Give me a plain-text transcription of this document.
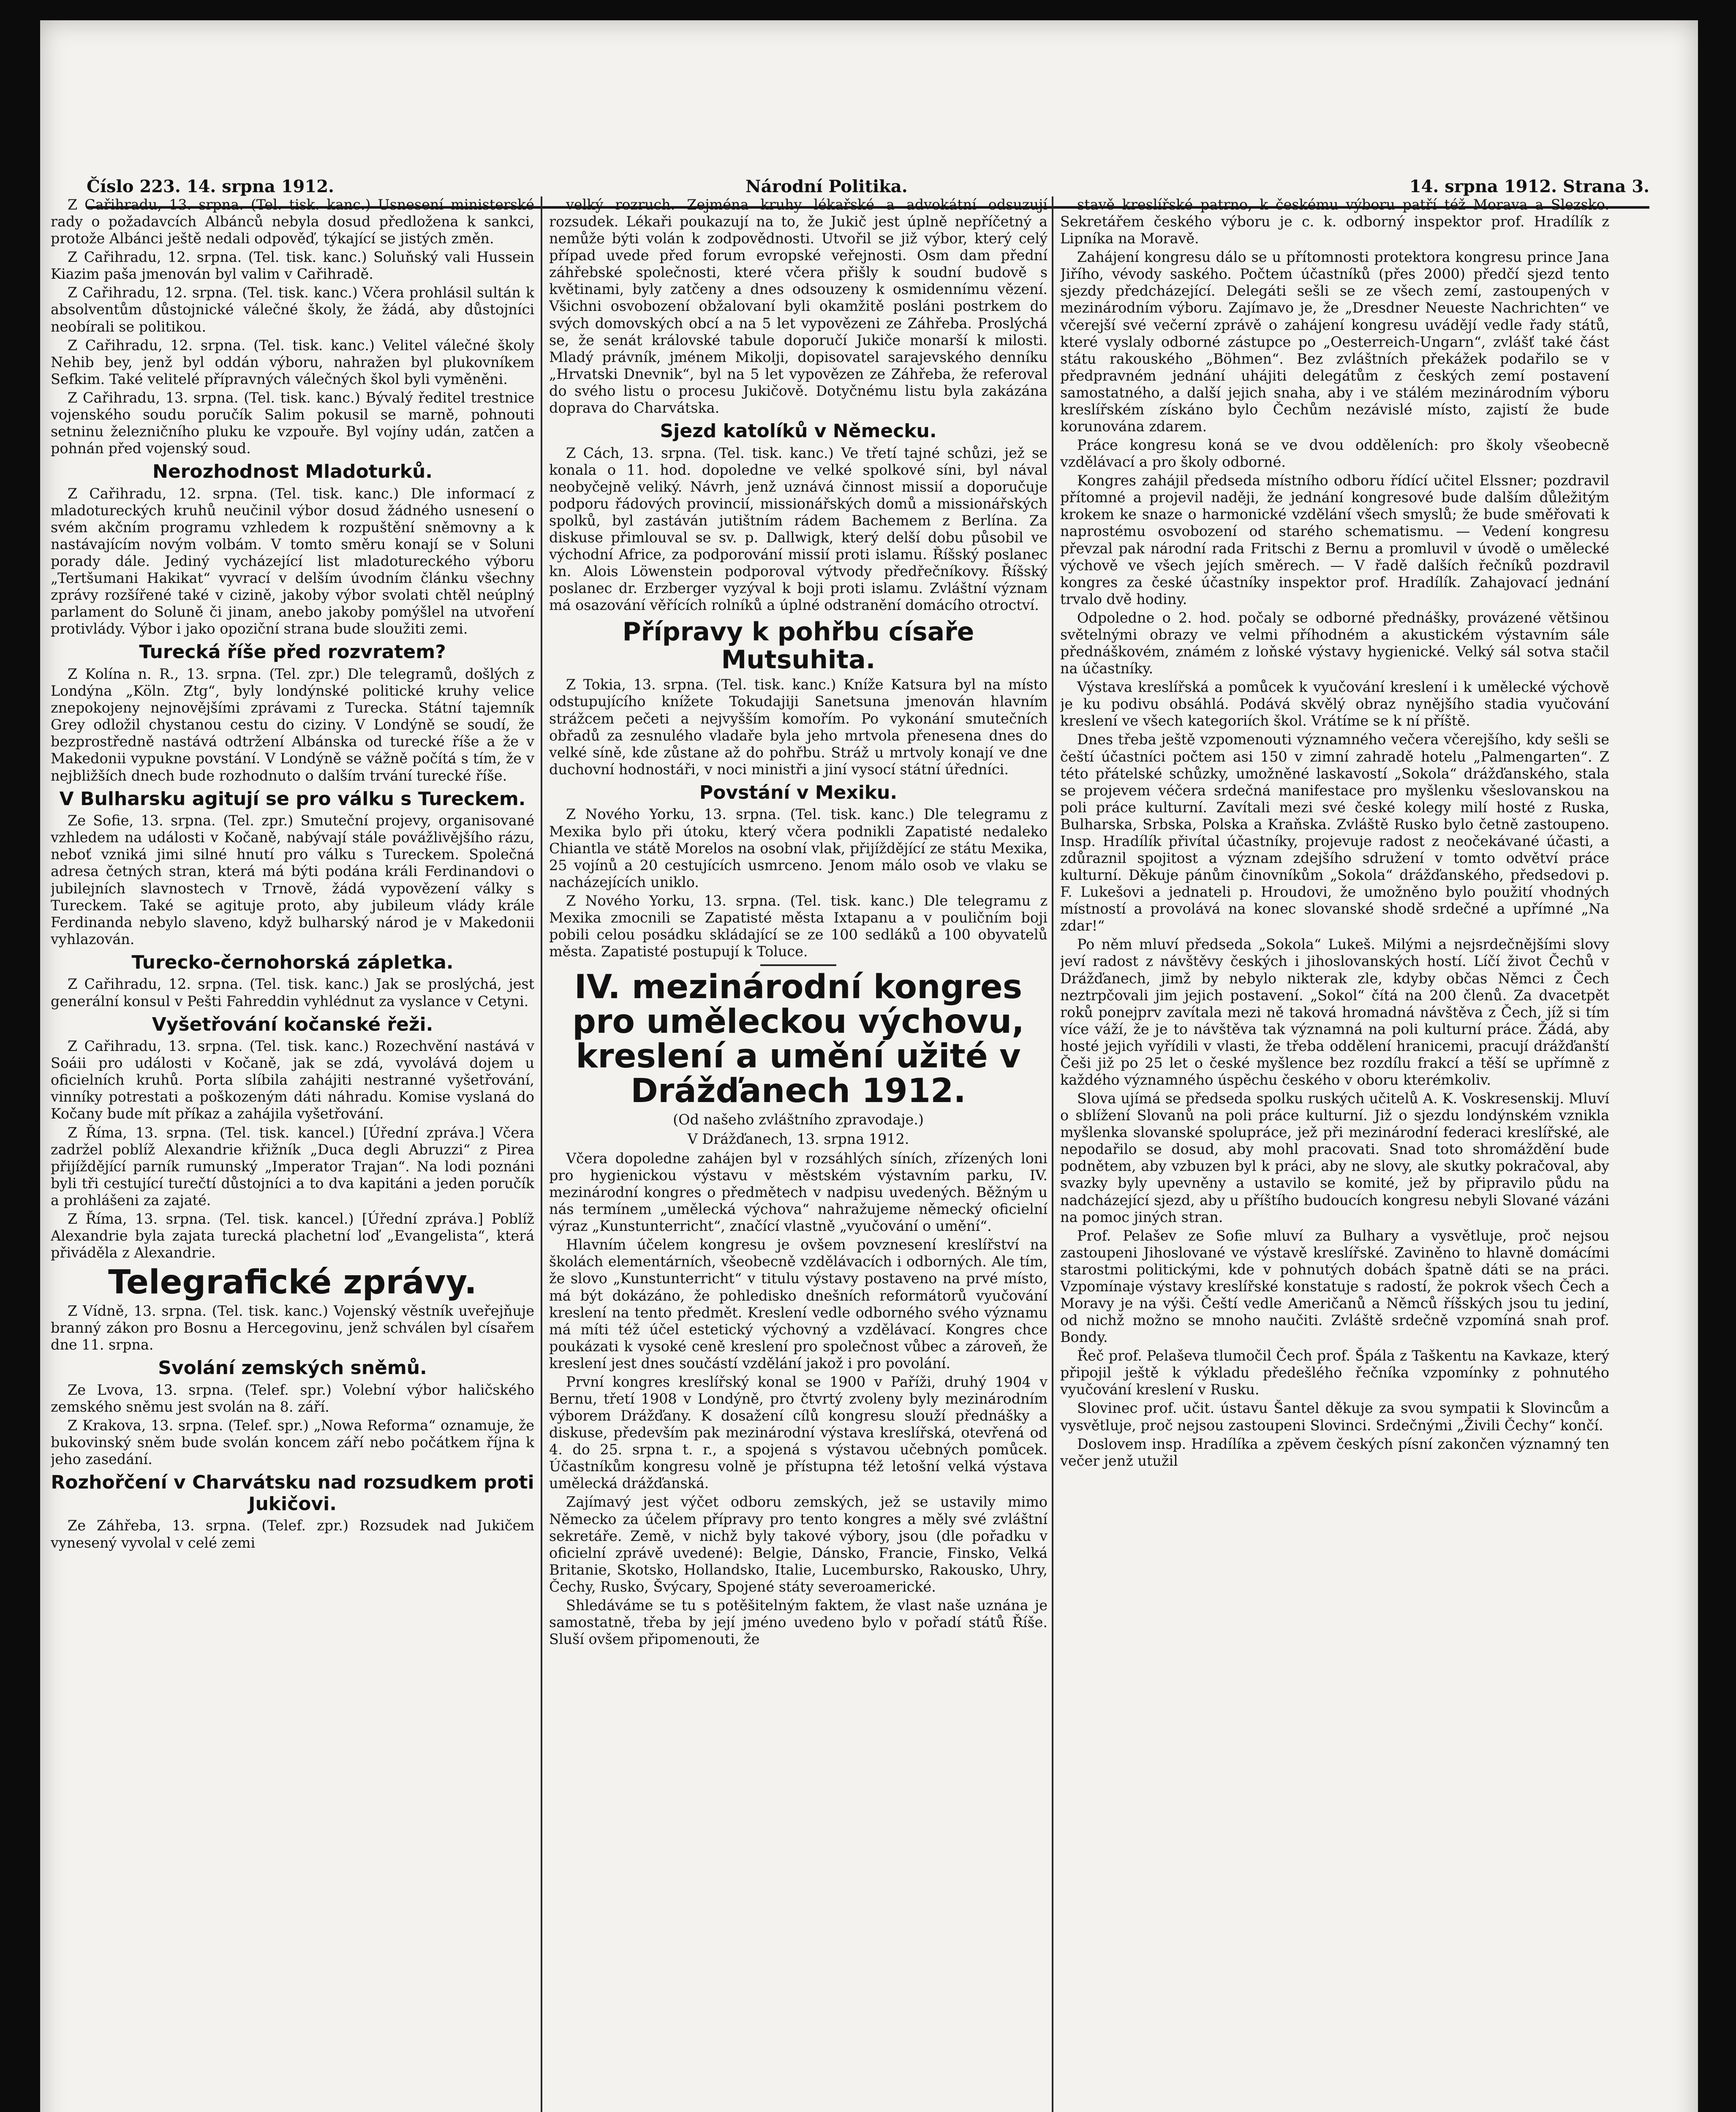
Číslo 223. 14. srpna 1912.	Národní Politika.	14. srpna 1912. Strana 3.

Z Cařihradu, 13. srpna. (Tel. tisk. kanc.) Usnesení ministerské rady o požadavcích Albánců nebyla dosud předložena k sankci, protože Albánci ještě nedali odpověď, týkající se jistých změn.

Z Cařihradu, 12. srpna. (Tel. tisk. kanc.) Soluňský vali Hussein Kiazim paša jmenován byl valim v Cařihradě.

Z Cařihradu, 12. srpna. (Tel. tisk. kanc.) Včera prohlásil sultán k absolventům důstojnické válečné školy, že žádá, aby důstojníci neobírali se politikou.

Z Cařihradu, 12. srpna. (Tel. tisk. kanc.) Velitel válečné školy Nehib bey, jenž byl oddán výboru, nahražen byl plukovníkem Sefkim. Také velitelé přípravných válečných škol byli vyměněni.

Z Cařihradu, 13. srpna. (Tel. tisk. kanc.) Bývalý ředitel trestnice vojenského soudu poručík Salim pokusil se marně, pohnouti setninu železničního pluku ke vzpouře. Byl vojíny udán, zatčen a pohnán před vojenský soud.

Nerozhodnost Mladoturků.

Z Cařihradu, 12. srpna. (Tel. tisk. kanc.) Dle informací z mladotureckých kruhů neučinil výbor dosud žádného usnesení o svém akčním programu vzhledem k rozpuštění sněmovny a k nastávajícím novým volbám. V tomto směru konají se v Soluni porady dále. Jediný vycházející list mladotureckého výboru „Tertšumani Hakikat“ vyvrací v delším úvodním článku všechny zprávy rozšířené také v cizině, jakoby výbor svolati chtěl neúplný parlament do Soluně či jinam, anebo jakoby pomýšlel na utvoření protivlády. Výbor i jako opoziční strana bude sloužiti zemi.

Turecká říše před rozvratem?

Z Kolína n. R., 13. srpna. (Tel. zpr.) Dle telegramů, došlých z Londýna „Köln. Ztg“, byly londýnské politické kruhy velice znepokojeny nejnovějšími zprávami z Turecka. Státní tajemník Grey odložil chystanou cestu do ciziny. V Londýně se soudí, že bezprostředně nastává odtržení Albánska od turecké říše a že v Makedonii vypukne povstání. V Londýně se vážně počítá s tím, že v nejbližších dnech bude rozhodnuto o dalším trvání turecké říše.

V Bulharsku agitují se pro válku s Tureckem.

Ze Sofie, 13. srpna. (Tel. zpr.) Smuteční projevy, organisované vzhledem na události v Kočaně, nabývají stále povážlivějšího rázu, neboť vzniká jimi silné hnutí pro válku s Tureckem. Společná adresa četných stran, která má býti podána králi Ferdinandovi o jubilejních slavnostech v Trnově, žádá vypovězení války s Tureckem. Také se agituje proto, aby jubileum vlády krále Ferdinanda nebylo slaveno, když bulharský národ je v Makedonii vyhlazován.

Turecko-černohorská zápletka.

Z Cařihradu, 12. srpna. (Tel. tisk. kanc.) Jak se proslýchá, jest generální konsul v Pešti Fahreddin vyhlédnut za vyslance v Cetyni.

Vyšetřování kočanské řeži.

Z Cařihradu, 13. srpna. (Tel. tisk. kanc.) Rozechvění nastává v Soáii pro události v Kočaně, jak se zdá, vyvolává dojem u oficielních kruhů. Porta slíbila zahájiti nestranné vyšetřování, vinníky potrestati a poškozeným dáti náhradu. Komise vyslaná do Kočany bude mít příkaz a zahájila vyšetřování.

Z Říma, 13. srpna. (Tel. tisk. kancel.) [Úřední zpráva.] Včera zadržel poblíž Alexandrie křižník „Duca degli Abruzzi“ z Pirea přijíždějící parník rumunský „Imperator Trajan“. Na lodi poznáni byli tři cestující turečtí důstojníci a to dva kapitáni a jeden poručík a prohlášeni za zajaté.

Z Říma, 13. srpna. (Tel. tisk. kancel.) [Úřední zpráva.] Poblíž Alexandrie byla zajata turecká plachetní loď „Evangelista“, která přiváděla z Alexandrie.

Telegrafické zprávy.

Z Vídně, 13. srpna. (Tel. tisk. kanc.) Vojenský věstník uveřejňuje branný zákon pro Bosnu a Hercegovinu, jenž schválen byl císařem dne 11. srpna.

Svolání zemských sněmů.

Ze Lvova, 13. srpna. (Telef. spr.) Volební výbor haličského zemského sněmu jest svolán na 8. září.

Z Krakova, 13. srpna. (Telef. spr.) „Nowa Reforma“ oznamuje, že bukovinský sněm bude svolán koncem září nebo počátkem října k jeho zasedání.

Rozhořčení v Charvátsku nad rozsudkem proti Jukičovi.

Ze Záhřeba, 13. srpna. (Telef. zpr.) Rozsudek nad Jukičem vynesený vyvolal v celé zemi

velký rozruch. Zejména kruhy lékařské a advokátní odsuzují rozsudek. Lékaři poukazují na to, že Jukič jest úplně nepříčetný a nemůže býti volán k zodpovědnosti. Utvořil se již výbor, který celý případ uvede před forum evropské veřejnosti. Osm dam přední záhřebské společnosti, které včera přišly k soudní budově s květinami, byly zatčeny a dnes odsouzeny k osmidennímu vězení. Všichni osvobození obžalovaní byli okamžitě posláni postrkem do svých domovských obcí a na 5 let vypovězeni ze Záhřeba. Proslýchá se, že senát královské tabule doporučí Jukiče monarší k milosti. Mladý právník, jménem Mikolji, dopisovatel sarajevského denníku „Hrvatski Dnevnik“, byl na 5 let vypovězen ze Záhřeba, že referoval do svého listu o procesu Jukičově. Dotyčnému listu byla zakázána doprava do Charvátska.

Sjezd katolíků v Německu.

Z Cách, 13. srpna. (Tel. tisk. kanc.) Ve třetí tajné schůzi, jež se konala o 11. hod. dopoledne ve velké spolkové síni, byl nával neobyčejně veliký. Návrh, jenž uznává činnost missií a doporučuje podporu řádových provincií, missionářských domů a missionářských spolků, byl zastáván jutištním rádem Bachemem z Berlína. Za diskuse přimlouval se sv. p. Dallwigk, který delší dobu působil ve východní Africe, za podporování missií proti islamu. Říšský poslanec kn. Alois Löwenstein podporoval výtvody předřečníkovy. Říšský poslanec dr. Erzberger vyzýval k boji proti islamu. Zvláštní význam má osazování věřících rolníků a úplné odstranění domácího otroctví.

Přípravy k pohřbu císaře Mutsuhita.

Z Tokia, 13. srpna. (Tel. tisk. kanc.) Kníže Katsura byl na místo odstupujícího knížete Tokudajiji Sanetsuna jmenován hlavním strážcem pečeti a nejvyšším komořím. Po vykonání smutečních obřadů za zesnulého vladaře byla jeho mrtvola přenesena dnes do velké síně, kde zůstane až do pohřbu. Stráž u mrtvoly konají ve dne duchovní hodnostáři, v noci ministři a jiní vysocí státní úředníci.

Povstání v Mexiku.

Z Nového Yorku, 13. srpna. (Tel. tisk. kanc.) Dle telegramu z Mexika bylo při útoku, který včera podnikli Zapatisté nedaleko Chiantla ve státě Morelos na osobní vlak, přijíždějící ze státu Mexika, 25 vojínů a 20 cestujících usmrceno. Jenom málo osob ve vlaku se nacházejících uniklo.

Z Nového Yorku, 13. srpna. (Tel. tisk. kanc.) Dle telegramu z Mexika zmocnili se Zapatisté města Ixtapanu a v pouličním boji pobili celou posádku skládající se ze 100 sedláků a 100 obyvatelů města. Zapatisté postupují k Toluce.

IV. mezinárodní kongres pro uměleckou výchovu, kreslení a umění užité v Drážďanech 1912.
(Od našeho zvláštního zpravodaje.)
V Drážďanech, 13. srpna 1912.

Včera dopoledne zahájen byl v rozsáhlých síních, zřízených loni pro hygienickou výstavu v městském výstavním parku, IV. mezinárodní kongres o předmětech v nadpisu uvedených. Běžným u nás termínem „umělecká výchova“ nahražujeme německý oficielní výraz „Kunstunterricht“, značící vlastně „vyučování o umění“.

Hlavním účelem kongresu je ovšem povznesení kreslířství na školách elementárních, všeobecně vzdělávacích i odborných. Ale tím, že slovo „Kunstunterricht“ v titulu výstavy postaveno na prvé místo, má být dokázáno, že pohledisko dnešních reformátorů vyučování kreslení na tento předmět. Kreslení vedle odborného svého významu má míti též účel estetický výchovný a vzdělávací. Kongres chce poukázati k vysoké ceně kreslení pro společnost vůbec a zároveň, že kreslení jest dnes součástí vzdělání jakož i pro povolání.

První kongres kreslířský konal se 1900 v Paříži, druhý 1904 v Bernu, třetí 1908 v Londýně, pro čtvrtý zvoleny byly mezinárodním výborem Drážďany. K dosažení cílů kongresu slouží přednášky a diskuse, především pak mezinárodní výstava kreslířská, otevřená od 4. do 25. srpna t. r., a spojená s výstavou učebných pomůcek. Účastníkům kongresu volně je přístupna též letošní velká výstava umělecká drážďanská.

Zajímavý jest výčet odboru zemských, jež se ustavily mimo Německo za účelem přípravy pro tento kongres a měly své zvláštní sekretáře. Země, v nichž byly takové výbory, jsou (dle pořadku v oficielní zprávě uvedené): Belgie, Dánsko, Francie, Finsko, Velká Britanie, Skotsko, Hollandsko, Italie, Lucembursko, Rakousko, Uhry, Čechy, Rusko, Švýcary, Spojené státy severoamerické.

Shledáváme se tu s potěšitelným faktem, že vlast naše uznána je samostatně, třeba by její jméno uvedeno bylo v pořadí států Říše. Sluší ovšem připomenouti, že

stavě kreslířské patrno, k českému výboru patří též Morava a Slezsko. Sekretářem českého výboru je c. k. odborný inspektor prof. Hradílík z Lipníka na Moravě.

Zahájení kongresu dálo se u přítomnosti protektora kongresu prince Jana Jiřího, vévody saského. Počtem účastníků (přes 2000) předčí sjezd tento sjezdy předcházející. Delegáti sešli se ze všech zemí, zastoupených v mezinárodním výboru. Zajímavo je, že „Dresdner Neueste Nachrichten“ ve včerejší své večerní zprávě o zahájení kongresu uvádějí vedle řady států, které vyslaly odborné zástupce po „Oesterreich-Ungarn“, zvlášť také část státu rakouského „Böhmen“. Bez zvláštních překážek podařilo se v předpravném jednání uhájiti delegátům z českých zemí postavení samostatného, a další jejich snaha, aby i ve stálém mezinárodním výboru kreslířském získáno bylo Čechům nezávislé místo, zajistí že bude korunována zdarem.

Práce kongresu koná se ve dvou odděleních: pro školy všeobecně vzdělávací a pro školy odborné.

Kongres zahájil předseda místního odboru řídící učitel Elssner; pozdravil přítomné a projevil naději, že jednání kongresové bude dalším důležitým krokem ke snaze o harmonické vzdělání všech smyslů; že bude směřovati k naprostému osvobození od starého schematismu. — Vedení kongresu převzal pak národní rada Fritschi z Bernu a promluvil v úvodě o umělecké výchově ve všech jejích směrech. — V řadě dalších řečníků pozdravil kongres za české účastníky inspektor prof. Hradílík. Zahajovací jednání trvalo dvě hodiny.

Odpoledne o 2. hod. počaly se odborné přednášky, provázené většinou světelnými obrazy ve velmi příhodném a akustickém výstavním sále přednáškovém, známém z loňské výstavy hygienické. Velký sál sotva stačil na účastníky.

Výstava kreslířská a pomůcek k vyučování kreslení i k umělecké výchově je ku podivu obsáhlá. Podává skvělý obraz nynějšího stadia vyučování kreslení ve všech kategoriích škol. Vrátíme se k ní příště.

Dnes třeba ještě vzpomenouti významného večera včerejšího, kdy sešli se čeští účastníci počtem asi 150 v zimní zahradě hotelu „Palmengarten“. Z této přátelské schůzky, umožněné laskavostí „Sokola“ drážďanského, stala se projevem véčera srdečná manifestace pro myšlenku všeslovanskou na poli práce kulturní. Zavítali mezi své české kolegy milí hosté z Ruska, Bulharska, Srbska, Polska a Kraňska. Zvláště Rusko bylo četně zastoupeno. Insp. Hradílík přivítal účastníky, projevuje radost z neočekávané účasti, a zdůraznil spojitost a význam zdejšího sdružení v tomto odvětví práce kulturní. Děkuje pánům činovníkům „Sokola“ drážďanského, předsedovi p. F. Lukešovi a jednateli p. Hroudovi, že umožněno bylo použití vhodných místností a provolává na konec slovanské shodě srdečné a upřímné „Na zdar!“

Po něm mluví předseda „Sokola“ Lukeš. Milými a nejsrdečnějšími slovy jeví radost z návštěvy českých i jihoslovanských hostí. Líčí život Čechů v Drážďanech, jimž by nebylo nikterak zle, kdyby občas Němci z Čech neztrpčovali jim jejich postavení. „Sokol“ čítá na 200 členů. Za dvacetpět roků ponejprv zavítala mezi ně taková hromadná návštěva z Čech, jíž si tím více váží, že je to návštěva tak významná na poli kulturní práce. Žádá, aby hosté jejich vyřídili v vlasti, že třeba oddělení hranicemi, pracují drážďanští Češi již po 25 let o české myšlence bez rozdílu frakcí a těší se upřímně z každého významného úspěchu českého v oboru kterémkoliv.

Slova ujímá se předseda spolku ruských učitelů A. K. Voskresenskij. Mluví o sblížení Slovanů na poli práce kulturní. Již o sjezdu londýnském vznikla myšlenka slovanské spolupráce, jež při mezinárodní federaci kreslířské, ale nepodařilo se dosud, aby mohl pracovati. Snad toto shromáždění bude podnětem, aby vzbuzen byl k práci, aby ne slovy, ale skutky pokračoval, aby svazky byly upevněny a ustavilo se komité, jež by připravilo půdu na nadcházející sjezd, aby u příštího budoucích kongresu nebyli Slované vázáni na pomoc jiných stran.

Prof. Pelašev ze Sofie mluví za Bulhary a vysvětluje, proč nejsou zastoupeni Jihoslované ve výstavě kreslířské. Zaviněno to hlavně domácími starostmi politickými, kde v pohnutých dobách špatně dáti se na práci. Vzpomínaje výstavy kreslířské konstatuje s radostí, že pokrok všech Čech a Moravy je na výši. Čeští vedle Američanů a Němců říšských jsou tu jediní, od nichž možno se mnoho naučiti. Zvláště srdečně vzpomíná snah prof. Bondy.

Řeč prof. Pelaševa tlumočil Čech prof. Špála z Taškentu na Kavkaze, který připojil ještě k výkladu předešlého řečníka vzpomínky z pohnutého vyučování kreslení v Rusku.

Slovinec prof. učit. ústavu Šantel děkuje za svou sympatii k Slovincům a vysvětluje, proč nejsou zastoupeni Slovinci. Srdečnými „Živili Čechy“ končí.

Doslovem insp. Hradílíka a zpěvem českých písní zakončen významný ten večer jenž utužil
